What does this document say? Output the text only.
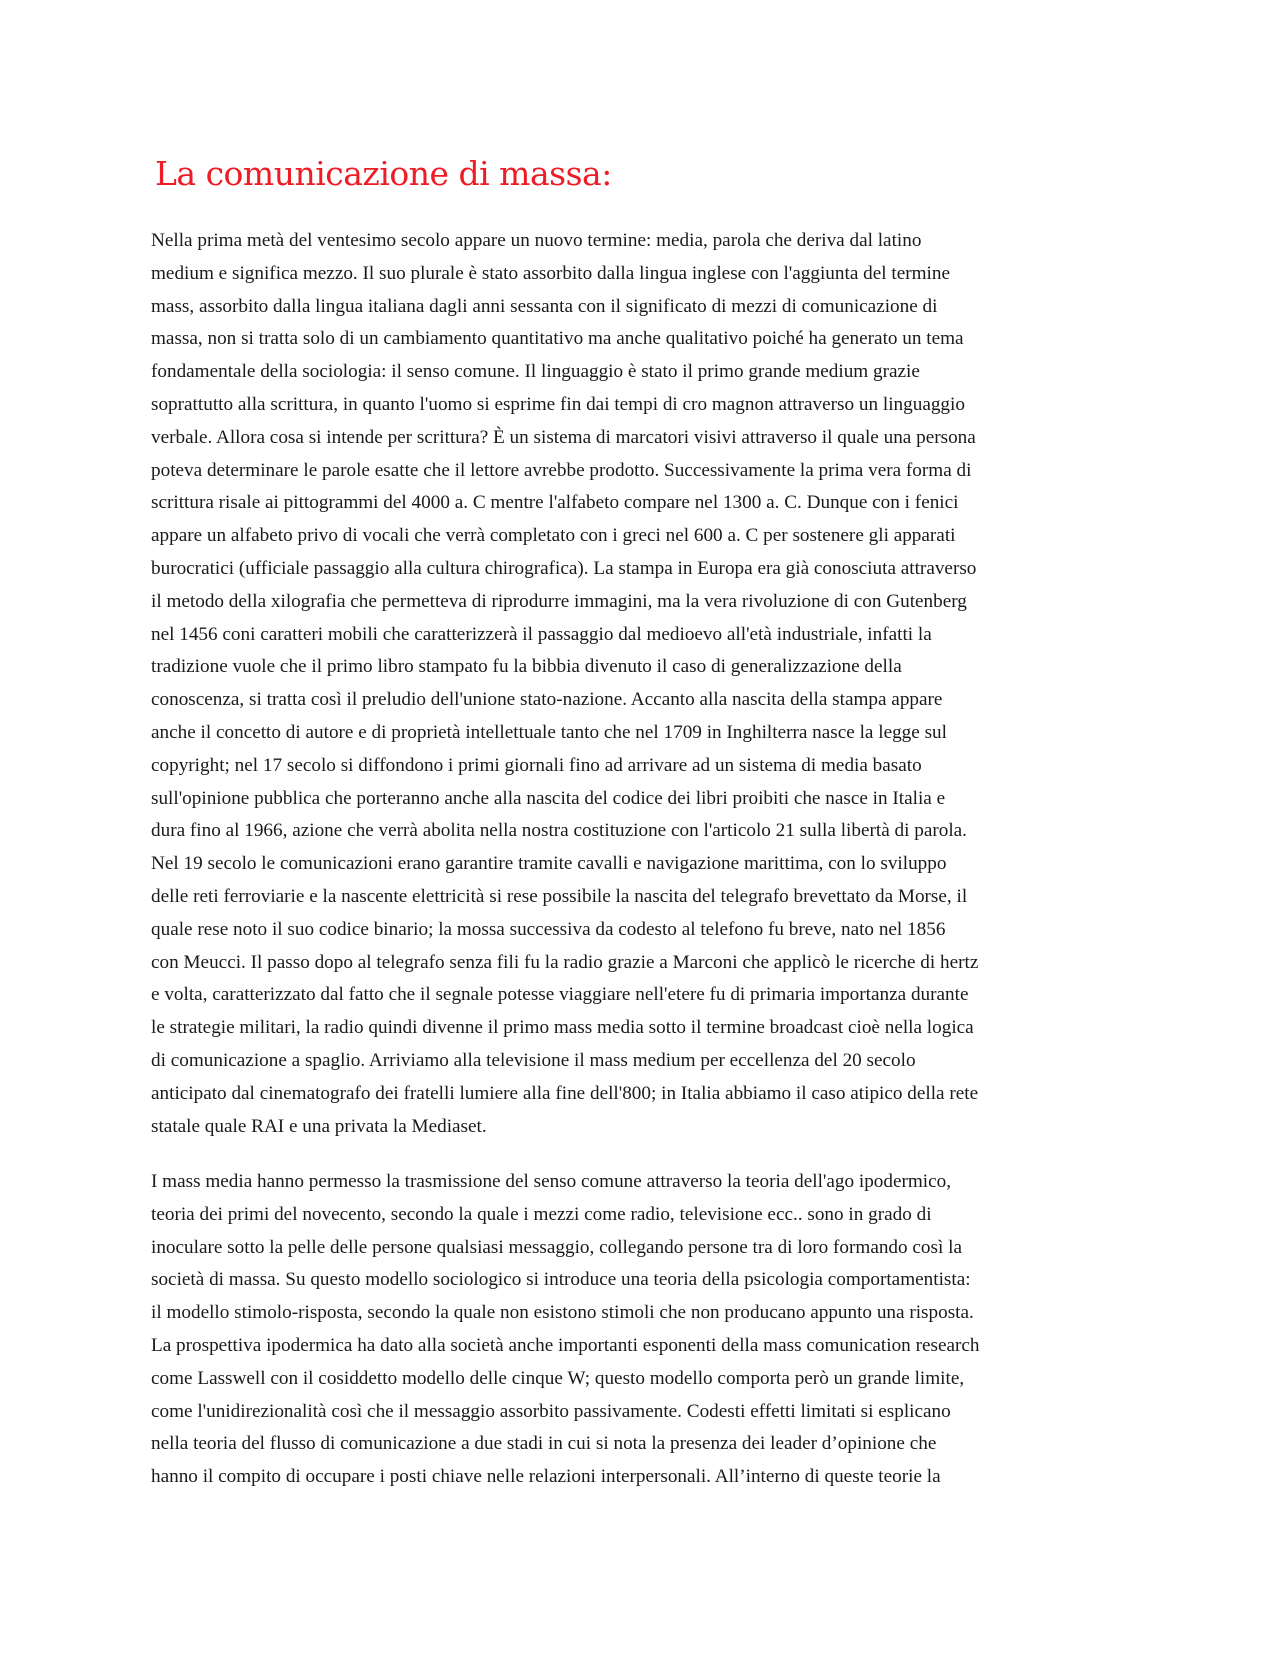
La comunicazione di massa:
Nella prima metà del ventesimo secolo appare un nuovo termine: media, parola che deriva dal latino
medium e significa mezzo. Il suo plurale è stato assorbito dalla lingua inglese con l'aggiunta del termine
mass, assorbito dalla lingua italiana dagli anni sessanta con il significato di mezzi di comunicazione di
massa, non si tratta solo di un cambiamento quantitativo ma anche qualitativo poiché ha generato un tema
fondamentale della sociologia: il senso comune. Il linguaggio è stato il primo grande medium grazie
soprattutto alla scrittura, in quanto l'uomo si esprime fin dai tempi di cro magnon attraverso un linguaggio
verbale. Allora cosa si intende per scrittura? È un sistema di marcatori visivi attraverso il quale una persona
poteva determinare le parole esatte che il lettore avrebbe prodotto. Successivamente la prima vera forma di
scrittura risale ai pittogrammi del 4000 a. C mentre l'alfabeto compare nel 1300 a. C. Dunque con i fenici
appare un alfabeto privo di vocali che verrà completato con i greci nel 600 a. C per sostenere gli apparati
burocratici (ufficiale passaggio alla cultura chirografica). La stampa in Europa era già conosciuta attraverso
il metodo della xilografia che permetteva di riprodurre immagini, ma la vera rivoluzione di con Gutenberg
nel 1456 coni caratteri mobili che caratterizzerà il passaggio dal medioevo all'età industriale, infatti la
tradizione vuole che il primo libro stampato fu la bibbia divenuto il caso di generalizzazione della
conoscenza, si tratta così il preludio dell'unione stato-nazione. Accanto alla nascita della stampa appare
anche il concetto di autore e di proprietà intellettuale tanto che nel 1709 in Inghilterra nasce la legge sul
copyright; nel 17 secolo si diffondono i primi giornali fino ad arrivare ad un sistema di media basato
sull'opinione pubblica che porteranno anche alla nascita del codice dei libri proibiti che nasce in Italia e
dura fino al 1966, azione che verrà abolita nella nostra costituzione con l'articolo 21 sulla libertà di parola.
Nel 19 secolo le comunicazioni erano garantire tramite cavalli e navigazione marittima, con lo sviluppo
delle reti ferroviarie e la nascente elettricità si rese possibile la nascita del telegrafo brevettato da Morse, il
quale rese noto il suo codice binario; la mossa successiva da codesto al telefono fu breve, nato nel 1856
con Meucci. Il passo dopo al telegrafo senza fili fu la radio grazie a Marconi che applicò le ricerche di hertz
e volta, caratterizzato dal fatto che il segnale potesse viaggiare nell'etere fu di primaria importanza durante
le strategie militari, la radio quindi divenne il primo mass media sotto il termine broadcast cioè nella logica
di comunicazione a spaglio. Arriviamo alla televisione il mass medium per eccellenza del 20 secolo
anticipato dal cinematografo dei fratelli lumiere alla fine dell'800; in Italia abbiamo il caso atipico della rete
statale quale RAI e una privata la Mediaset.
I mass media hanno permesso la trasmissione del senso comune attraverso la teoria dell'ago ipodermico,
teoria dei primi del novecento, secondo la quale i mezzi come radio, televisione ecc.. sono in grado di
inoculare sotto la pelle delle persone qualsiasi messaggio, collegando persone tra di loro formando così la
società di massa. Su questo modello sociologico si introduce una teoria della psicologia comportamentista:
il modello stimolo-risposta, secondo la quale non esistono stimoli che non producano appunto una risposta.
La prospettiva ipodermica ha dato alla società anche importanti esponenti della mass comunication research
come Lasswell con il cosiddetto modello delle cinque W; questo modello comporta però un grande limite,
come l'unidirezionalità così che il messaggio assorbito passivamente. Codesti effetti limitati si esplicano
nella teoria del flusso di comunicazione a due stadi in cui si nota la presenza dei leader d’opinione che
hanno il compito di occupare i posti chiave nelle relazioni interpersonali. All’interno di queste teorie la
